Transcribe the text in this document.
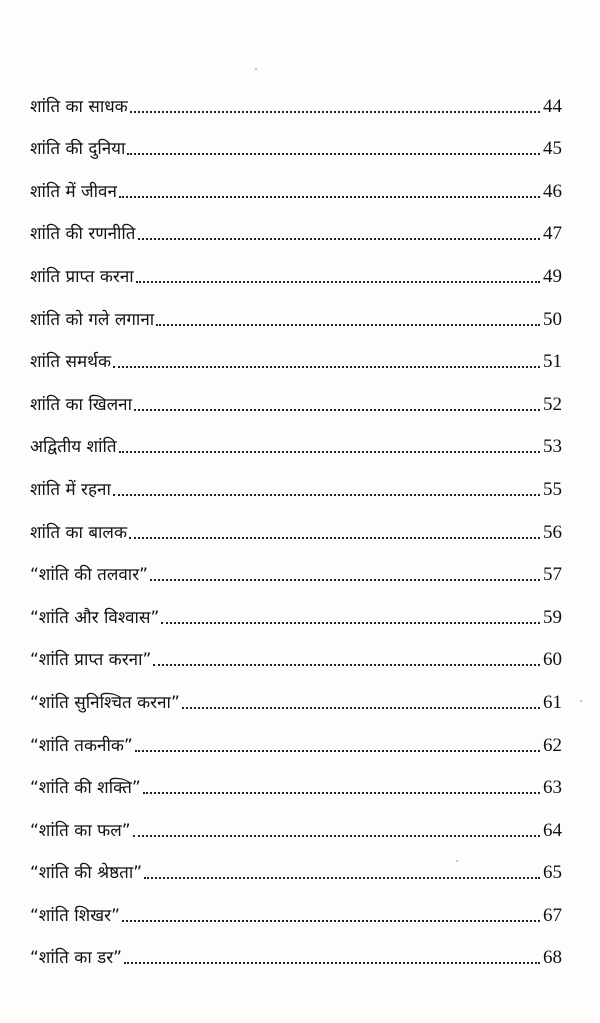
शांति का साधक	44
शांति की दुनिया	45
शांति में जीवन	46
शांति की रणनीति	47
शांति प्राप्त करना	49
शांति को गले लगाना	50
शांति समर्थक	51
शांति का खिलना	52
अद्वितीय शांति	53
शांति में रहना	55
शांति का बालक	56
“शांति की तलवार”	57
“शांति और विश्वास”	59
“शांति प्राप्त करना”	60
“शांति सुनिश्चित करना”	61
“शांति तकनीक”	62
“शांति की शक्ति”	63
“शांति का फल”	64
“शांति की श्रेष्ठता”	65
“शांति शिखर”	67
“शांति का डर”	68
